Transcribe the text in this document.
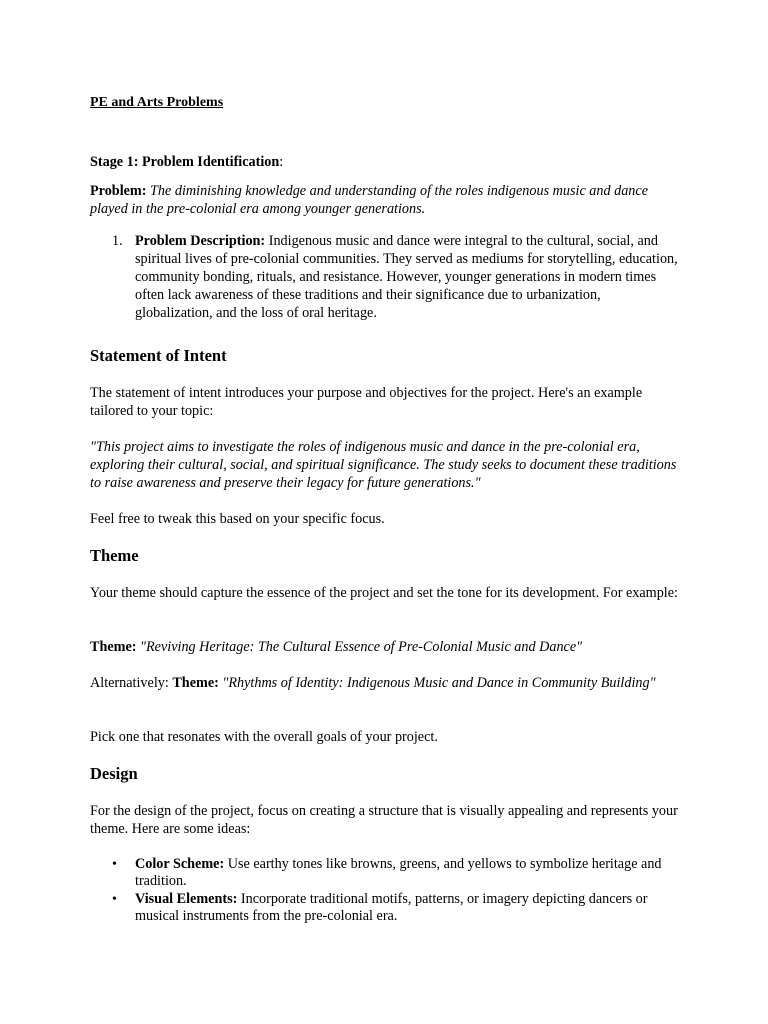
PE and Arts Problems
Stage 1: Problem Identification:
Problem: The diminishing knowledge and understanding of the roles indigenous music and dance played in the pre-colonial era among younger generations.
1. Problem Description: Indigenous music and dance were integral to the cultural, social, and spiritual lives of pre-colonial communities. They served as mediums for storytelling, education, community bonding, rituals, and resistance. However, younger generations in modern times often lack awareness of these traditions and their significance due to urbanization, globalization, and the loss of oral heritage.
Statement of Intent
The statement of intent introduces your purpose and objectives for the project. Here's an example tailored to your topic:
"This project aims to investigate the roles of indigenous music and dance in the pre-colonial era, exploring their cultural, social, and spiritual significance. The study seeks to document these traditions to raise awareness and preserve their legacy for future generations."
Feel free to tweak this based on your specific focus.
Theme
Your theme should capture the essence of the project and set the tone for its development. For example:
Theme: "Reviving Heritage: The Cultural Essence of Pre-Colonial Music and Dance"
Alternatively: Theme: "Rhythms of Identity: Indigenous Music and Dance in Community Building"
Pick one that resonates with the overall goals of your project.
Design
For the design of the project, focus on creating a structure that is visually appealing and represents your theme. Here are some ideas:
• Color Scheme: Use earthy tones like browns, greens, and yellows to symbolize heritage and tradition.
• Visual Elements: Incorporate traditional motifs, patterns, or imagery depicting dancers or musical instruments from the pre-colonial era.
